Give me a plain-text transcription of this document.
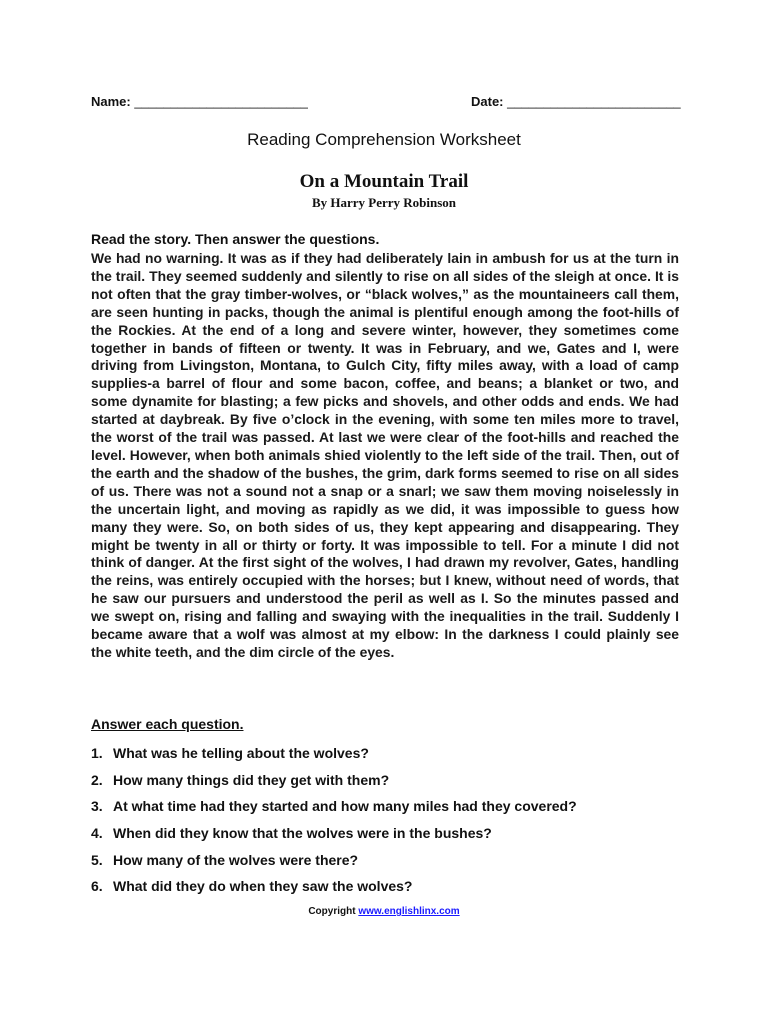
Name: ________________________	Date: ________________________
Reading Comprehension Worksheet
On a Mountain Trail
By Harry Perry Robinson
Read the story. Then answer the questions.
We had no warning. It was as if they had deliberately lain in ambush for us at the turn in the trail. They seemed suddenly and silently to rise on all sides of the sleigh at once. It is not often that the gray timber-wolves, or “black wolves,” as the mountaineers call them, are seen hunting in packs, though the animal is plentiful enough among the foot-hills of the Rockies. At the end of a long and severe winter, however, they sometimes come together in bands of fifteen or twenty. It was in February, and we, Gates and I, were driving from Livingston, Montana, to Gulch City, fifty miles away, with a load of camp supplies-a barrel of flour and some bacon, coffee, and beans; a blanket or two, and some dynamite for blasting; a few picks and shovels, and other odds and ends. We had started at daybreak. By five o’clock in the evening, with some ten miles more to travel, the worst of the trail was passed. At last we were clear of the foot-hills and reached the level. However, when both animals shied violently to the left side of the trail. Then, out of the earth and the shadow of the bushes, the grim, dark forms seemed to rise on all sides of us. There was not a sound not a snap or a snarl; we saw them moving noiselessly in the uncertain light, and moving as rapidly as we did, it was impossible to guess how many they were. So, on both sides of us, they kept appearing and disappearing. They might be twenty in all or thirty or forty. It was impossible to tell. For a minute I did not think of danger. At the first sight of the wolves, I had drawn my revolver, Gates, handling the reins, was entirely occupied with the horses; but I knew, without need of words, that he saw our pursuers and understood the peril as well as I. So the minutes passed and we swept on, rising and falling and swaying with the inequalities in the trail. Suddenly I became aware that a wolf was almost at my elbow: In the darkness I could plainly see the white teeth, and the dim circle of the eyes.
Answer each question.
1. What was he telling about the wolves?
2. How many things did they get with them?
3. At what time had they started and how many miles had they covered?
4. When did they know that the wolves were in the bushes?
5. How many of the wolves were there?
6. What did they do when they saw the wolves?
Copyright www.englishlinx.com
